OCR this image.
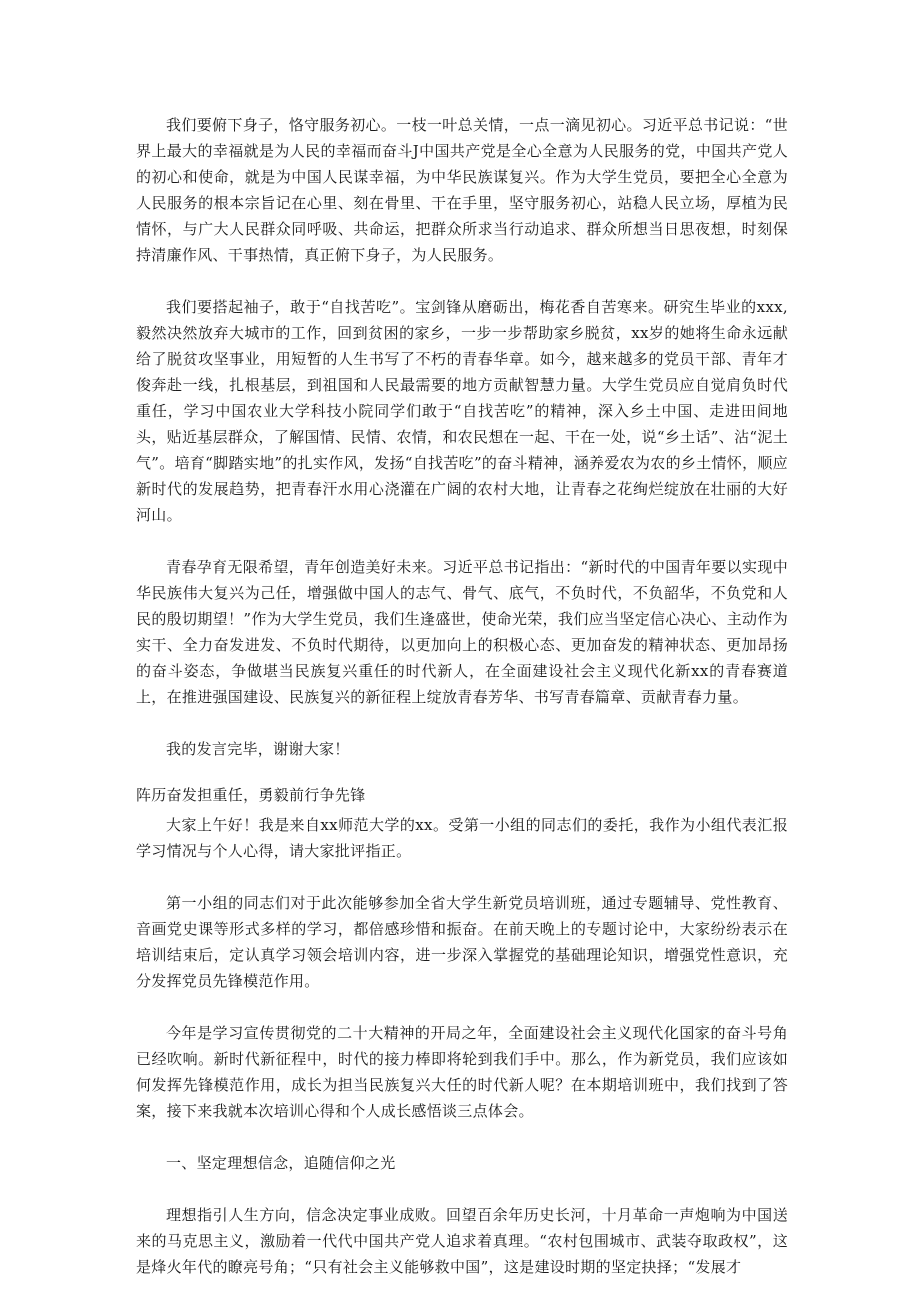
我们要俯下身子，恪守服务初心。一枝一叶总关情，一点一滴见初心。习近平总书记说：“世界上最大的幸福就是为人民的幸福而奋斗J中国共产党是全心全意为人民服务的党，中国共产党人的初心和使命，就是为中国人民谋幸福，为中华民族谋复兴。作为大学生党员，要把全心全意为人民服务的根本宗旨记在心里、刻在骨里、干在手里，坚守服务初心，站稳人民立场，厚植为民情怀，与广大人民群众同呼吸、共命运，把群众所求当行动追求、群众所想当日思夜想，时刻保持清廉作风、干事热情，真正俯下身子，为人民服务。

我们要搭起袖子，敢于“自找苦吃”。宝剑锋从磨砺出，梅花香自苦寒来。研究生毕业的xxx,毅然决然放弃大城市的工作，回到贫困的家乡，一步一步帮助家乡脱贫，xx岁的她将生命永远献给了脱贫攻坚事业，用短暂的人生书写了不朽的青春华章。如今，越来越多的党员干部、青年才俊奔赴一线，扎根基层，到祖国和人民最需要的地方贡献智慧力量。大学生党员应自觉肩负时代重任，学习中国农业大学科技小院同学们敢于“自找苦吃”的精神，深入乡土中国、走进田间地头，贴近基层群众，了解国情、民情、农情，和农民想在一起、干在一处，说“乡土话”、沾“泥土气”。培育“脚踏实地”的扎实作风，发扬“自找苦吃”的奋斗精神，涵养爱农为农的乡土情怀，顺应新时代的发展趋势，把青春汗水用心浇灌在广阔的农村大地，让青春之花绚烂绽放在壮丽的大好河山。

青春孕育无限希望，青年创造美好未来。习近平总书记指出：“新时代的中国青年要以实现中华民族伟大复兴为己任，增强做中国人的志气、骨气、底气，不负时代，不负韶华，不负党和人民的殷切期望！”作为大学生党员，我们生逢盛世，使命光荣，我们应当坚定信心决心、主动作为实干、全力奋发进发、不负时代期待，以更加向上的积极心态、更加奋发的精神状态、更加昂扬的奋斗姿态，争做堪当民族复兴重任的时代新人，在全面建设社会主义现代化新xx的青春赛道上，在推进强国建设、民族复兴的新征程上绽放青春芳华、书写青春篇章、贡献青春力量。

我的发言完毕，谢谢大家！

阵历奋发担重任，勇毅前行争先锋

大家上午好！我是来自xx师范大学的xx。受第一小组的同志们的委托，我作为小组代表汇报学习情况与个人心得，请大家批评指正。

第一小组的同志们对于此次能够参加全省大学生新党员培训班，通过专题辅导、党性教育、音画党史课等形式多样的学习，都倍感珍惜和振奋。在前天晚上的专题讨论中，大家纷纷表示在培训结束后，定认真学习领会培训内容，进一步深入掌握党的基础理论知识，增强党性意识，充分发挥党员先锋模范作用。

今年是学习宣传贯彻党的二十大精神的开局之年，全面建设社会主义现代化国家的奋斗号角已经吹响。新时代新征程中，时代的接力棒即将轮到我们手中。那么，作为新党员，我们应该如何发挥先锋模范作用，成长为担当民族复兴大任的时代新人呢？在本期培训班中，我们找到了答案，接下来我就本次培训心得和个人成长感悟谈三点体会。

一、坚定理想信念，追随信仰之光

理想指引人生方向，信念决定事业成败。回望百余年历史长河，十月革命一声炮响为中国送来的马克思主义，激励着一代代中国共产党人追求着真理。“农村包围城市、武装夺取政权”，这是烽火年代的瞭亮号角；“只有社会主义能够救中国”，这是建设时期的坚定抉择；“发展才
